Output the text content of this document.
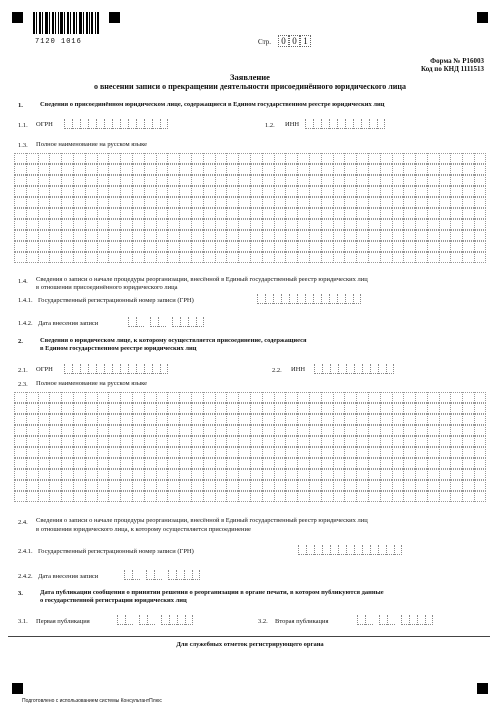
7120 1016	Стр.	0 0 1
Форма № Р16003
Код по КНД 1111513
Заявление
о внесении записи о прекращении деятельности присоединённого юридического лица
1.	Сведения о присоединённом юридическом лице, содержащиеся в Едином государственном реестре юридических лиц
1.1. ОГРН	1.2. ИНН
1.3. Полное наименование на русском языке
1.4. Сведения о записи о начале процедуры реорганизации, внесённой в Единый государственный реестр юридических лиц
в отношении присоединённого юридического лица
1.4.1. Государственный регистрационный номер записи (ГРН)
1.4.2. Дата внесения записи
2.	Сведения о юридическом лице, к которому осуществляется присоединение, содержащиеся
в Едином государственном реестре юридических лиц
2.1. ОГРН	2.2. ИНН
2.3. Полное наименование на русском языке
2.4. Сведения о записи о начале процедуры реорганизации, внесённой в Единый государственный реестр юридических лиц
в отношении юридического лица, к которому осуществляется присоединение
2.4.1. Государственный регистрационный номер записи (ГРН)
2.4.2. Дата внесения записи
3.	Дата публикации сообщения о принятии решения о реорганизации в органе печати, в котором публикуются данные
о государственной регистрации юридических лиц
3.1. Первая публикация	3.2. Вторая публикация
Для служебных отметок регистрирующего органа
Подготовлено с использованием системы КонсультантПлюс
